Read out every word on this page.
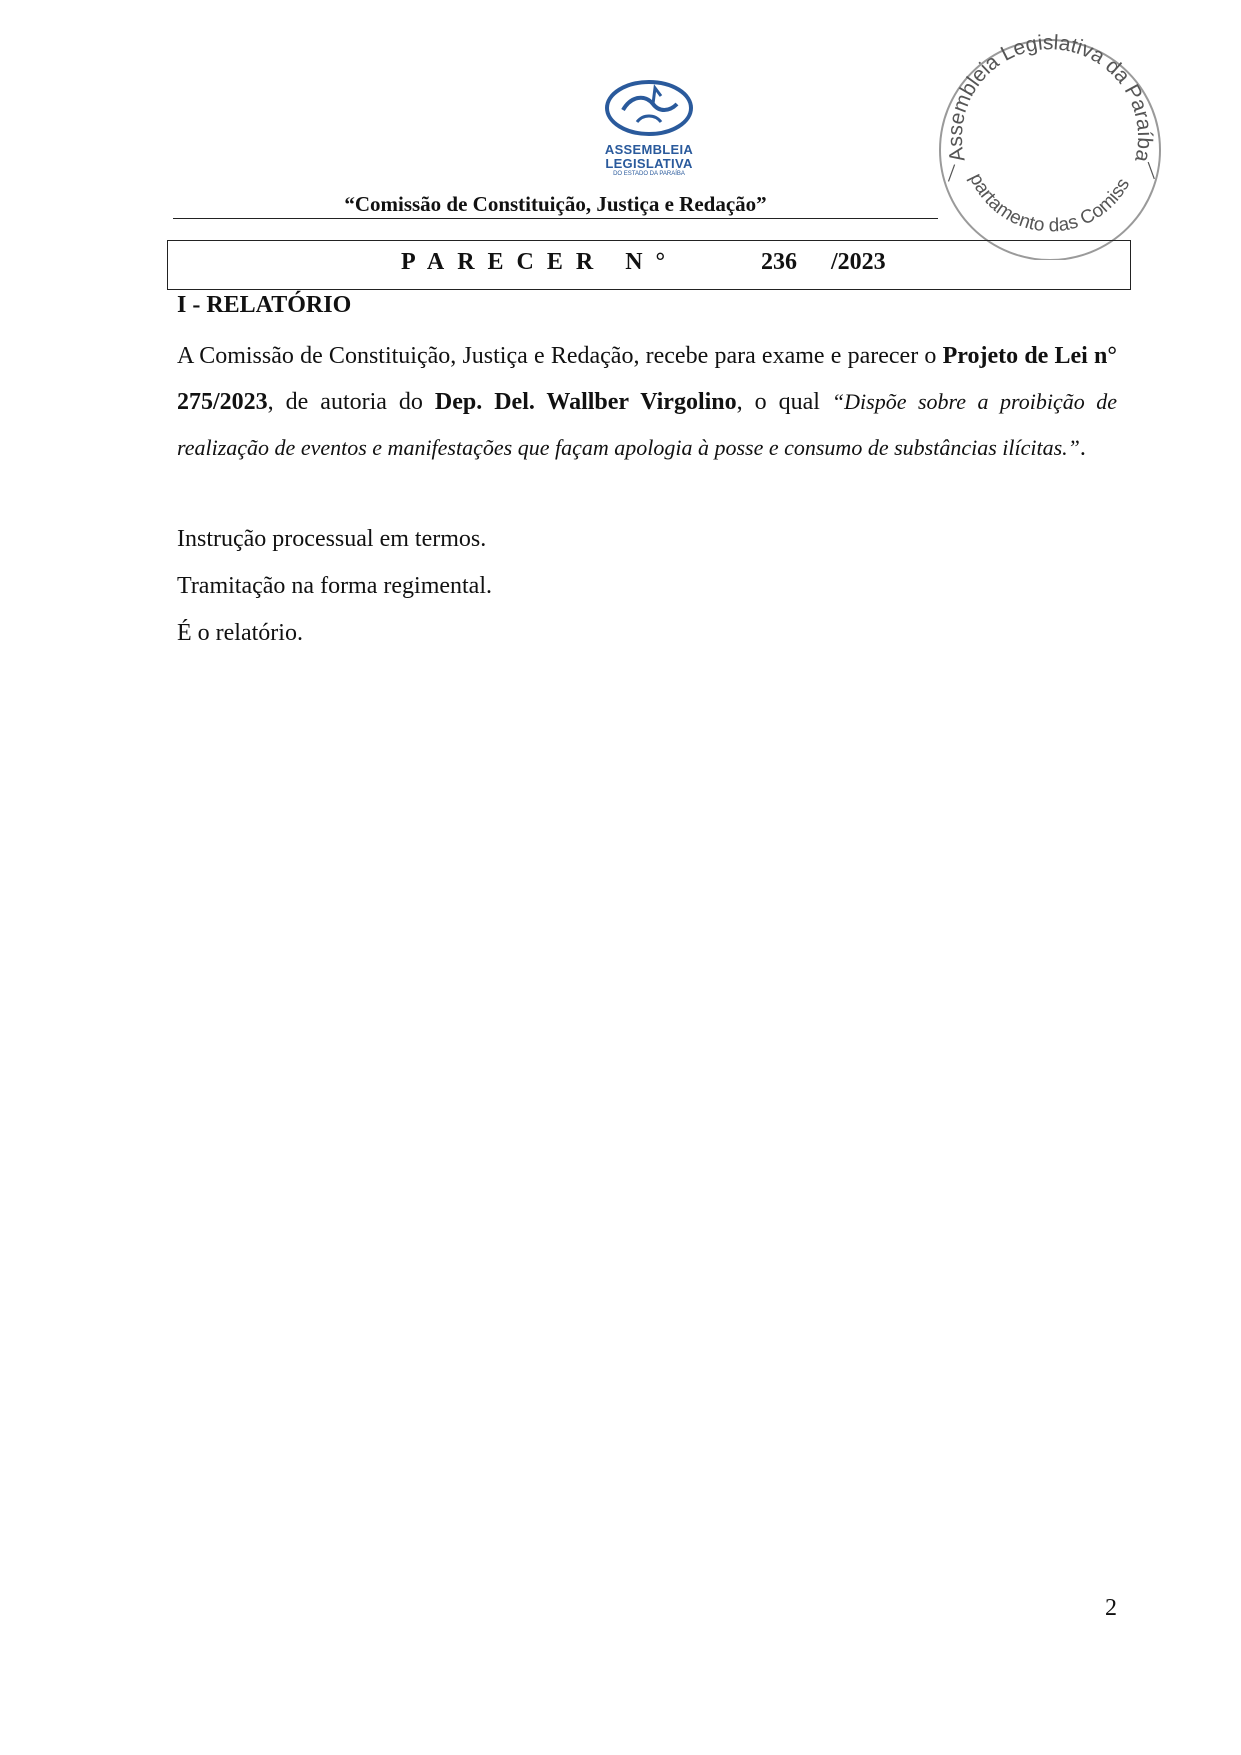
ASSEMBLEIA
LEGISLATIVA
DO ESTADO DA PARAÍBA
“Comissão de Constituição, Justiça e Redação”
Assembleia Legislativa da Paraíba
partamento das Comiss
—	—
PARECER N°	236 /2023
I - RELATÓRIO
A Comissão de Constituição, Justiça e Redação, recebe para exame e parecer o Projeto de Lei n° 275/2023, de autoria do Dep. Del. Wallber Virgolino, o qual “Dispõe sobre a proibição de realização de eventos e manifestações que façam apologia à posse e consumo de substâncias ilícitas.”.
Instrução processual em termos.
Tramitação na forma regimental.
É o relatório.
2
